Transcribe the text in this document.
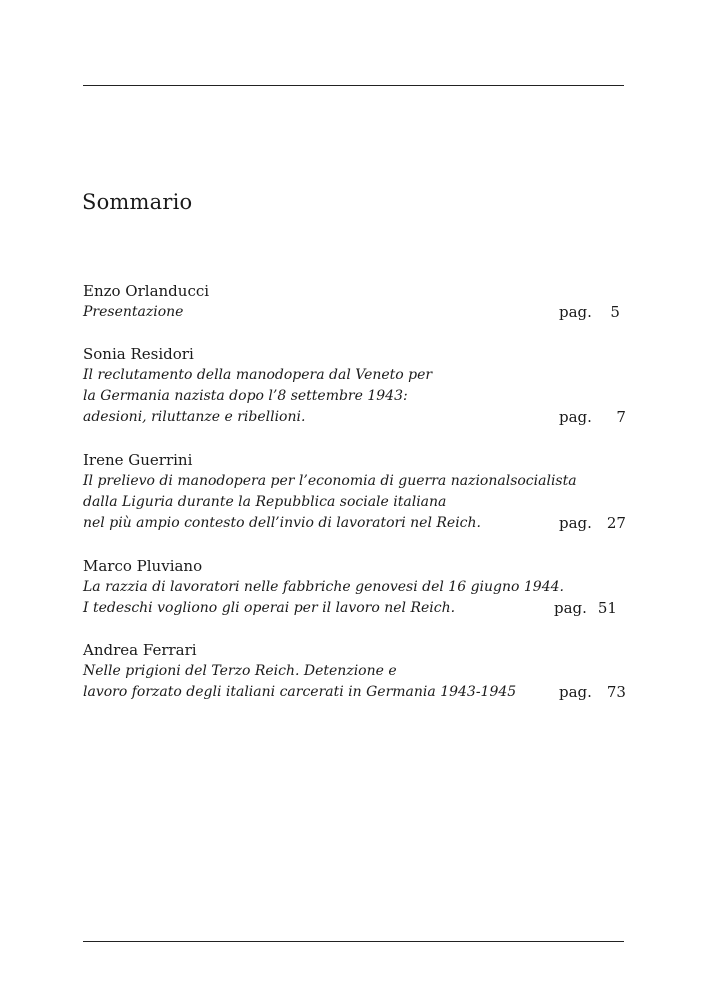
Sommario
Enzo Orlanducci
Presentazione	pag. 5
Sonia Residori
Il reclutamento della manodopera dal Veneto per
la Germania nazista dopo l’8 settembre 1943:
adesioni, riluttanze e ribellioni.	pag. 7
Irene Guerrini
Il prelievo di manodopera per l’economia di guerra nazionalsocialista
dalla Liguria durante la Repubblica sociale italiana
nel più ampio contesto dell’invio di lavoratori nel Reich.	pag. 27
Marco Pluviano
La razzia di lavoratori nelle fabbriche genovesi del 16 giugno 1944.
I tedeschi vogliono gli operai per il lavoro nel Reich.	pag. 51
Andrea Ferrari
Nelle prigioni del Terzo Reich. Detenzione e
lavoro forzato degli italiani carcerati in Germania 1943-1945	pag. 73
